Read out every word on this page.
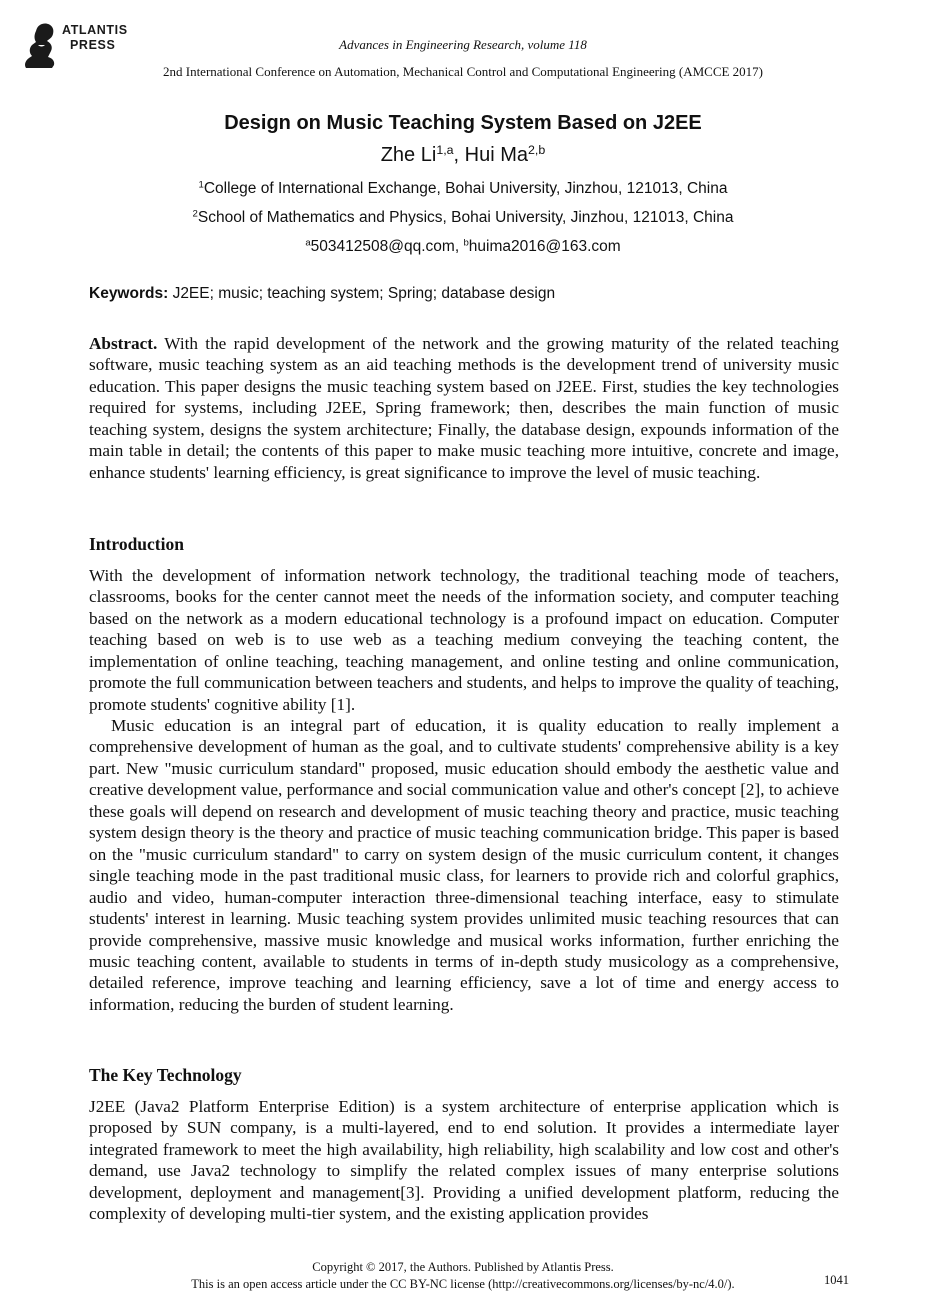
ATLANTIS
PRESS	Advances in Engineering Research, volume 118
2nd International Conference on Automation, Mechanical Control and Computational Engineering (AMCCE 2017)
Design on Music Teaching System Based on J2EE
Zhe Li$^{1,a}$, Hui Ma$^{2,b}$
$^1$College of International Exchange, Bohai University, Jinzhou, 121013, China
$^2$School of Mathematics and Physics, Bohai University, Jinzhou, 121013, China
$^a$503412508@qq.com, $^b$huima2016@163.com
Keywords: J2EE; music; teaching system; Spring; database design

Abstract. With the rapid development of the network and the growing maturity of the related teaching software, music teaching system as an aid teaching methods is the development trend of university music education. This paper designs the music teaching system based on J2EE. First, studies the key technologies required for systems, including J2EE, Spring framework; then, describes the main function of music teaching system, designs the system architecture; Finally, the database design, expounds information of the main table in detail; the contents of this paper to make music teaching more intuitive, concrete and image, enhance students' learning efficiency, is great significance to improve the level of music teaching.

Introduction

With the development of information network technology, the traditional teaching mode of teachers, classrooms, books for the center cannot meet the needs of the information society, and computer teaching based on the network as a modern educational technology is a profound impact on education. Computer teaching based on web is to use web as a teaching medium conveying the teaching content, the implementation of online teaching, teaching management, and online testing and online communication, promote the full communication between teachers and students, and helps to improve the quality of teaching, promote students' cognitive ability [1].

Music education is an integral part of education, it is quality education to really implement a comprehensive development of human as the goal, and to cultivate students' comprehensive ability is a key part. New "music curriculum standard" proposed, music education should embody the aesthetic value and creative development value, performance and social communication value and other's concept [2], to achieve these goals will depend on research and development of music teaching theory and practice, music teaching system design theory is the theory and practice of music teaching communication bridge. This paper is based on the "music curriculum standard" to carry on system design of the music curriculum content, it changes single teaching mode in the past traditional music class, for learners to provide rich and colorful graphics, audio and video, human-computer interaction three-dimensional teaching interface, easy to stimulate students' interest in learning. Music teaching system provides unlimited music teaching resources that can provide comprehensive, massive music knowledge and musical works information, further enriching the music teaching content, available to students in terms of in-depth study musicology as a comprehensive, detailed reference, improve teaching and learning efficiency, save a lot of time and energy access to information, reducing the burden of student learning.

The Key Technology

J2EE (Java2 Platform Enterprise Edition) is a system architecture of enterprise application which is proposed by SUN company, is a multi-layered, end to end solution. It provides a intermediate layer integrated framework to meet the high availability, high reliability, high scalability and low cost and other's demand, use Java2 technology to simplify the related complex issues of many enterprise solutions development, deployment and management[3]. Providing a unified development platform, reducing the complexity of developing multi-tier system, and the existing application provides

Copyright © 2017, the Authors. Published by Atlantis Press.
This is an open access article under the CC BY-NC license (http://creativecommons.org/licenses/by-nc/4.0/).	1041
